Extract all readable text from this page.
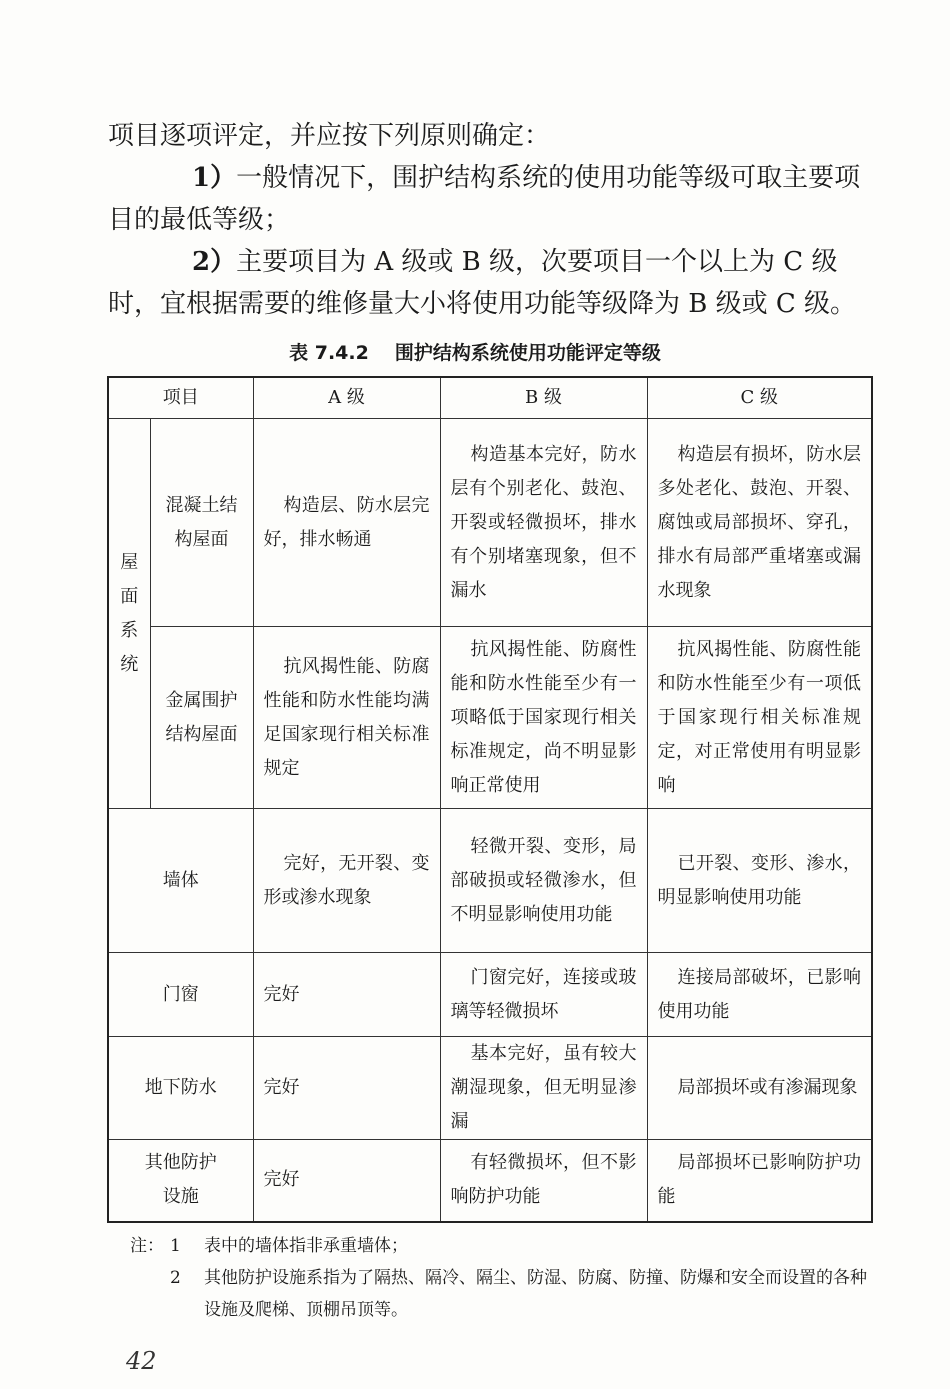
项目逐项评定，并应按下列原则确定：

1）一般情况下，围护结构系统的使用功能等级可取主要项目的最低等级；

2）主要项目为 A 级或 B 级，次要项目一个以上为 C 级时，宜根据需要的维修量大小将使用功能等级降为 B 级或 C 级。

表 7.4.2 围护结构系统使用功能评定等级
项目		A 级	B 级	C 级

屋
面
系
统	混凝土结构屋面	构造层、防水层完好，排水畅通	构造基本完好，防水层有个别老化、鼓泡、开裂或轻微损坏，排水有个别堵塞现象，但不漏水	构造层有损坏，防水层多处老化、鼓泡、开裂、腐蚀或局部损坏、穿孔，排水有局部严重堵塞或漏水现象
	金属围护结构屋面	抗风揭性能、防腐性能和防水性能均满足国家现行相关标准规定	抗风揭性能、防腐性能和防水性能至少有一项略低于国家现行相关标准规定，尚不明显影响正常使用	抗风揭性能、防腐性能和防水性能至少有一项低于国家现行相关标准规定，对正常使用有明显影响
墙体		完好，无开裂、变形或渗水现象	轻微开裂、变形，局部破损或轻微渗水，但不明显影响使用功能	已开裂、变形、渗水，明显影响使用功能
门窗		完好	门窗完好，连接或玻璃等轻微损坏	连接局部破坏，已影响使用功能
地下防水		完好	基本完好，虽有较大潮湿现象，但无明显渗漏	局部损坏或有渗漏现象
其他防护设施		完好	有轻微损坏，但不影响防护功能	局部损坏已影响防护功能
注： 1	表中的墙体指非承重墙体；
2	其他防护设施系指为了隔热、隔冷、隔尘、防湿、防腐、防撞、防爆和安全而设置的各种设施及爬梯、顶棚吊顶等。
42
